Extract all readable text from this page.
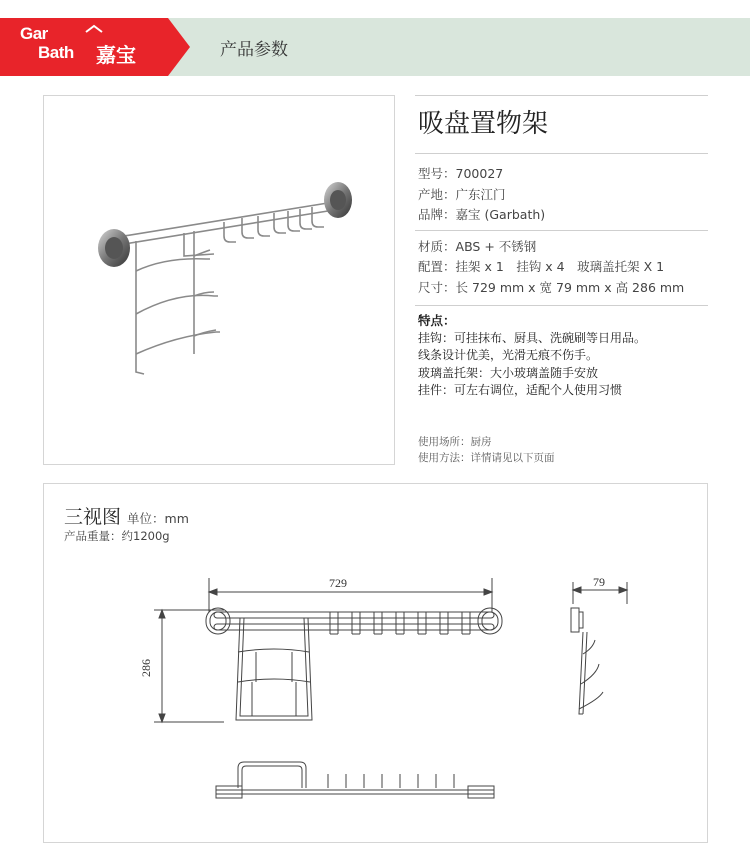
Gar
Bath 嘉宝	产品参数
吸盘置物架
型号：700027
产地：广东江门
品牌：嘉宝 (Garbath)
材质：ABS + 不锈钢
配置：挂架 x 1　挂钩 x 4　玻璃盖托架 X 1
尺寸：长 729 mm x 宽 79 mm x 高 286 mm
特点：
挂钩：可挂抹布、厨具、洗碗刷等日用品。
线条设计优美，光滑无痕不伤手。
玻璃盖托架：大小玻璃盖随手安放
挂件：可左右调位，适配个人使用习惯
使用场所：厨房
使用方法：详情请见以下页面
三视图 单位：mm
产品重量：约1200g
729
286
79
